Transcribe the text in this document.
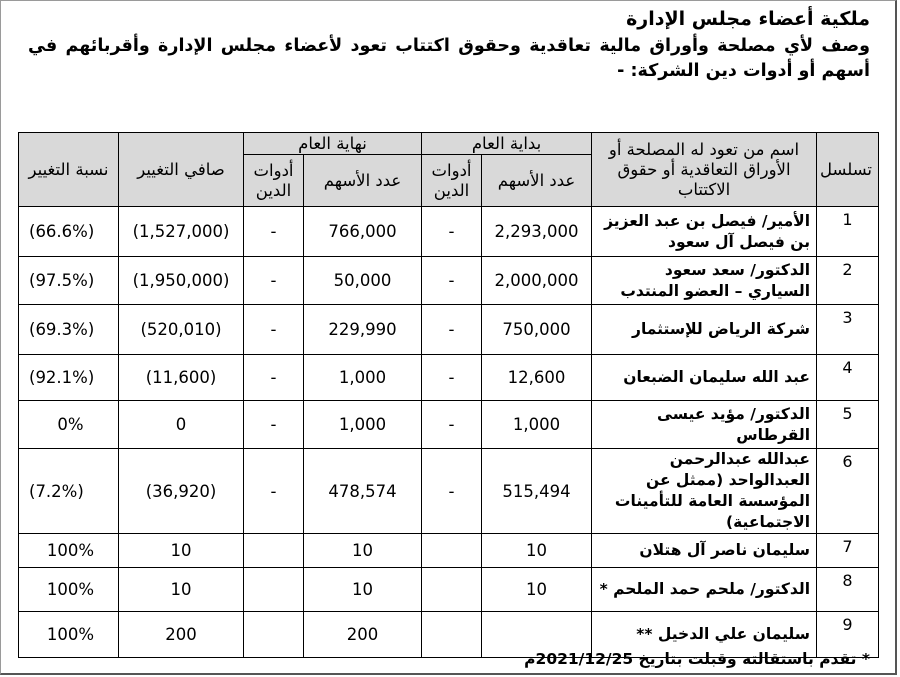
ملكية أعضاء مجلس الإدارة
وصف لأي مصلحة وأوراق مالية تعاقدية وحقوق اكتتاب تعود لأعضاء مجلس الإدارة وأقربائهم في أسهم أو أدوات دين الشركة: -
تسلسل	اسم من تعود له المصلحة أو الأوراق التعاقدية أو حقوق الاكتتاب	بداية العام		نهاية العام		صافي التغيير	نسبة التغيير
		عدد الأسهم	أدوات الدين	عدد الأسهم	أدوات الدين		
1	الأمير/ فيصل بن عبد العزيز بن فيصل آل سعود	2,293,000	-	766,000	-	(1,527,000)	(66.6%)
2	الدكتور/ سعد سعود السياري – العضو المنتدب	2,000,000	-	50,000	-	(1,950,000)	(97.5%)
3	شركة الرياض للإستثمار	750,000	-	229,990	-	(520,010)	(69.3%)
4	عبد الله سليمان الضبعان	12,600	-	1,000	-	(11,600)	(92.1%)
5	الدكتور/ مؤيد عيسى القرطاس	1,000	-	1,000	-	0	0%
6	عبدالله عبدالرحمن العبدالواحد (ممثل عن المؤسسة العامة للتأمينات الاجتماعية)	515,494	-	478,574	-	(36,920)	(7.2%)
7	سليمان ناصر آل هتلان	10		10		10	100%
8	الدكتور/ ملحم حمد الملحم *	10		10		10	100%
9	سليمان علي الدخيل **			200		200	100%
* تقدم باستقالته وقبلت بتاريخ 2021/12/25م
